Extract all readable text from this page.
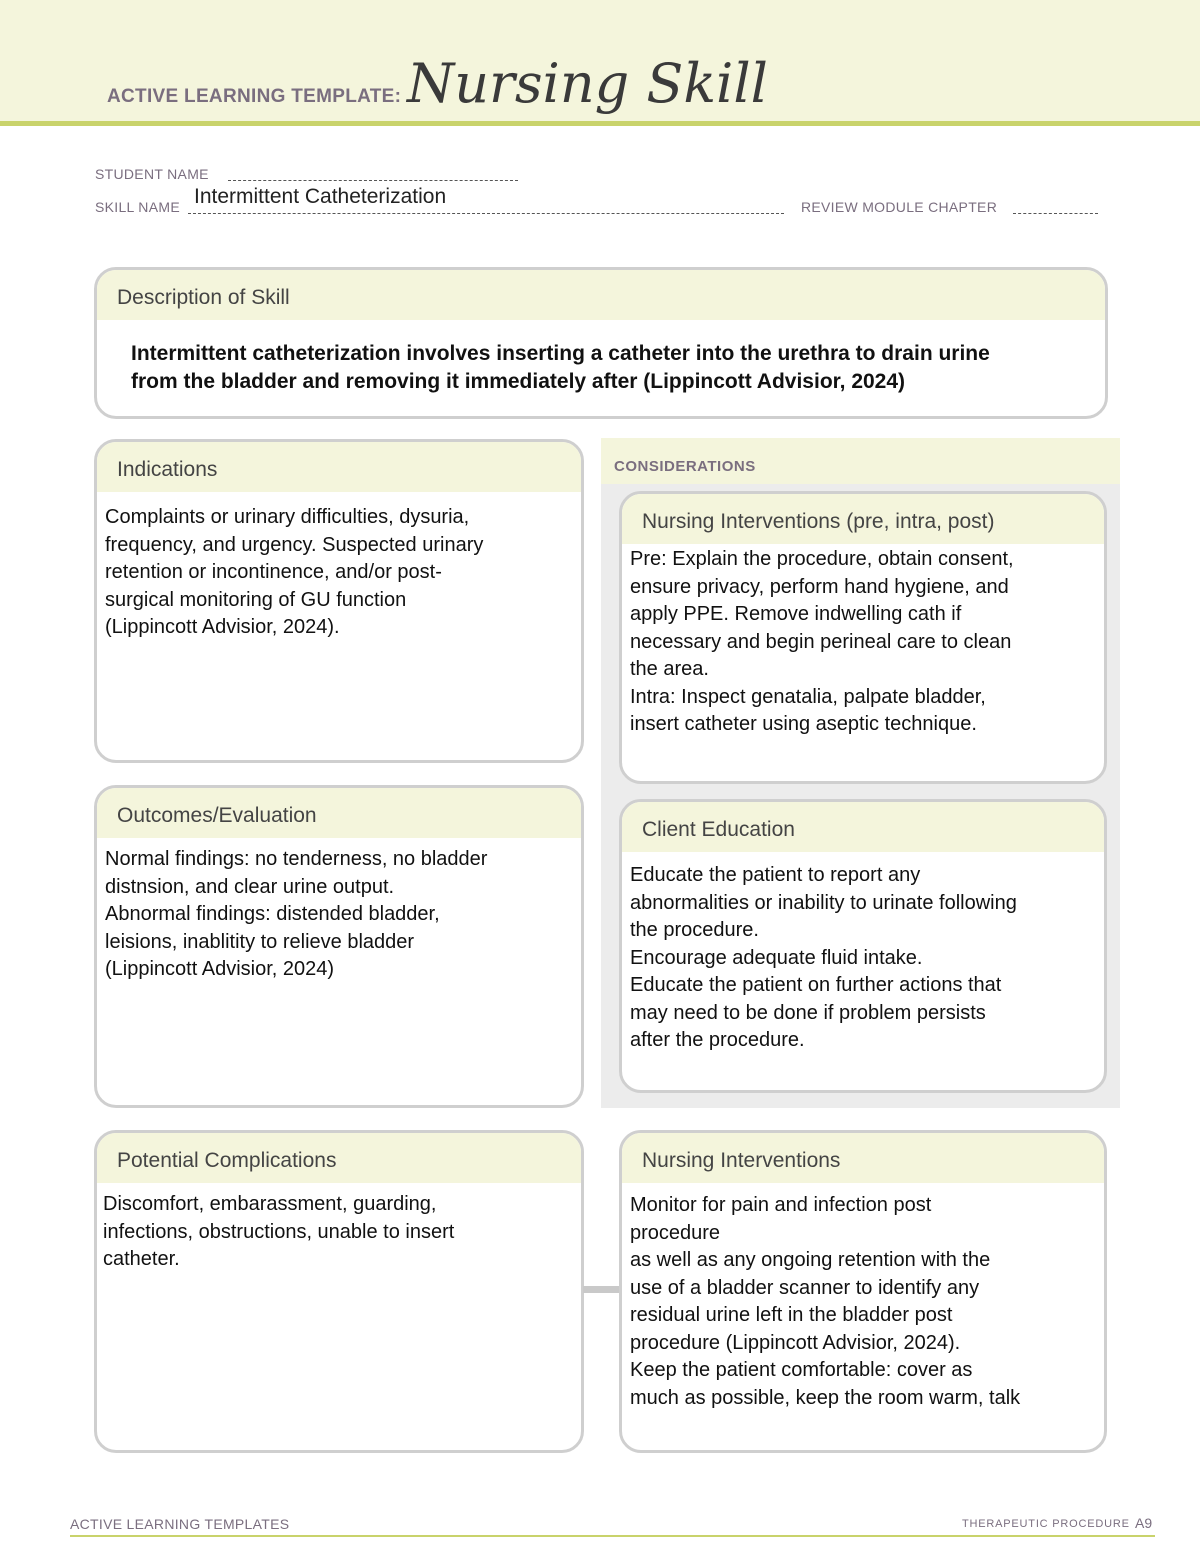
ACTIVE LEARNING TEMPLATE: Nursing Skill
STUDENT NAME
SKILL NAME Intermittent Catheterization	REVIEW MODULE CHAPTER
Description of Skill
Intermittent catheterization involves inserting a catheter into the urethra to drain urine
from the bladder and removing it immediately after (Lippincott Advisior, 2024)
CONSIDERATIONS
Indications
Complaints or urinary difficulties, dysuria,
frequency, and urgency. Suspected urinary
retention or incontinence, and/or post-
surgical monitoring of GU function
(Lippincott Advisior, 2024).
Nursing Interventions (pre, intra, post)
Pre: Explain the procedure, obtain consent,
ensure privacy, perform hand hygiene, and
apply PPE. Remove indwelling cath if
necessary and begin perineal care to clean
the area.
Intra: Inspect genatalia, palpate bladder,
insert catheter using aseptic technique.
Outcomes/Evaluation
Normal findings: no tenderness, no bladder
distnsion, and clear urine output.
Abnormal findings: distended bladder,
leisions, inablitity to relieve bladder
(Lippincott Advisior, 2024)
Client Education
Educate the patient to report any
abnormalities or inability to urinate following
the procedure.
Encourage adequate fluid intake.
Educate the patient on further actions that
may need to be done if problem persists
after the procedure.
Potential Complications
Discomfort, embarassment, guarding,
infections, obstructions, unable to insert
catheter.
Nursing Interventions
Monitor for pain and infection post
procedure
as well as any ongoing retention with the
use of a bladder scanner to identify any
residual urine left in the bladder post
procedure (Lippincott Advisior, 2024).
Keep the patient comfortable: cover as
much as possible, keep the room warm, talk
ACTIVE LEARNING TEMPLATES	THERAPEUTIC PROCEDURE A9
